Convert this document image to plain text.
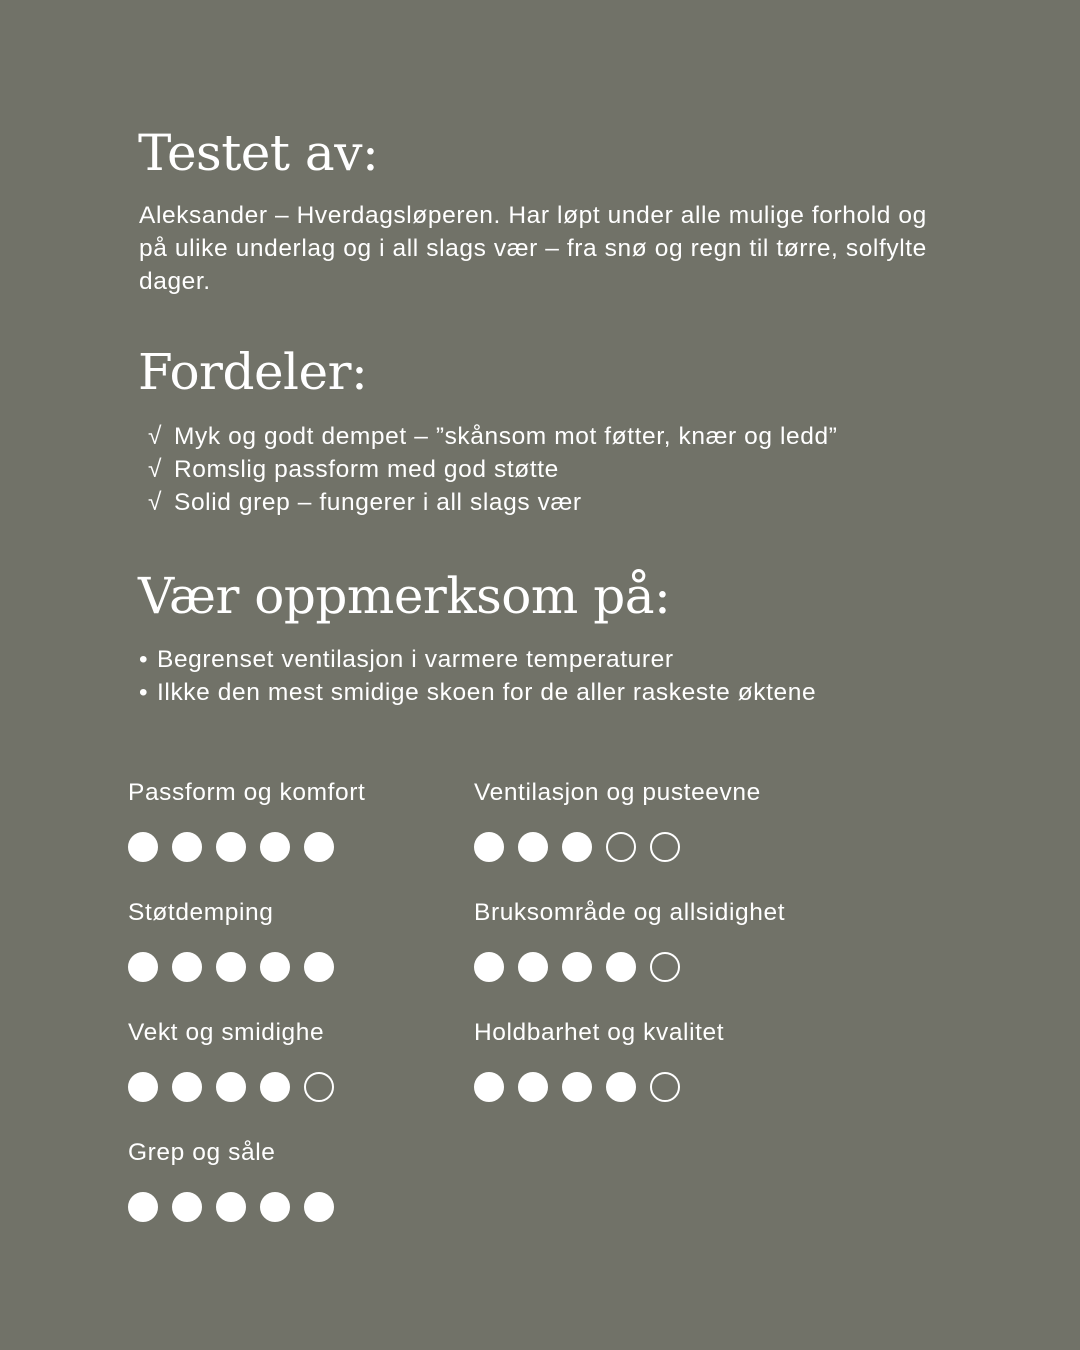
Testet av:

Aleksander – Hverdagsløperen. Har løpt under alle mulige forhold og på ulike underlag og i all slags vær – fra snø og regn til tørre, solfylte dager.

Fordeler:
√ Myk og godt dempet – ”skånsom mot føtter, knær og ledd”
√ Romslig passform med god støtte
√ Solid grep – fungerer i all slags vær
Vær oppmerksom på:
• Begrenset ventilasjon i varmere temperaturer
• Ilkke den mest smidige skoen for de aller raskeste øktene
Passform og komfort	Ventilasjon og pusteevne
Støtdemping	Bruksområde og allsidighet
Vekt og smidighe	Holdbarhet og kvalitet
Grep og såle
